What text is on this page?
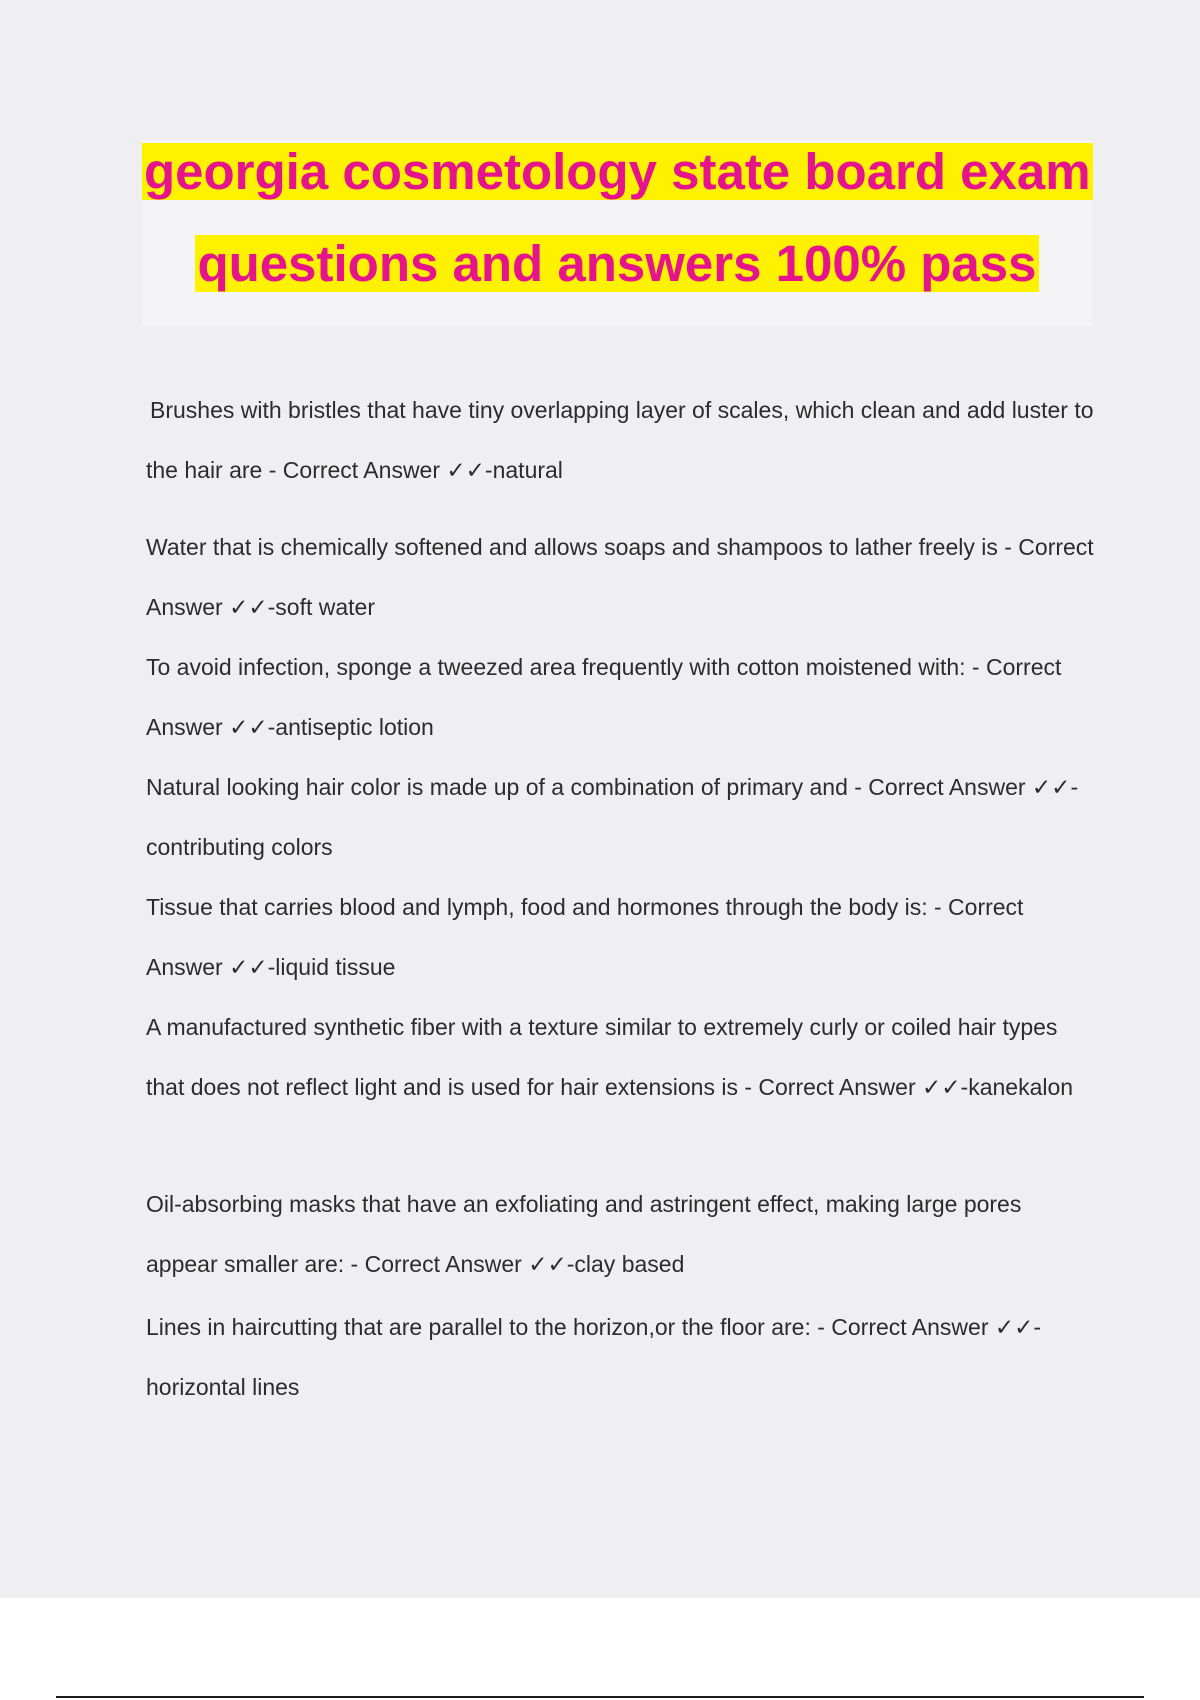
georgia cosmetology state board exam
questions and answers 100% pass

Brushes with bristles that have tiny overlapping layer of scales, which clean and add luster to the hair are - Correct Answer ✓✓-natural

Water that is chemically softened and allows soaps and shampoos to lather freely is - Correct Answer ✓✓-soft water

To avoid infection, sponge a tweezed area frequently with cotton moistened with: - Correct Answer ✓✓-antiseptic lotion

Natural looking hair color is made up of a combination of primary and - Correct Answer ✓✓-contributing colors

Tissue that carries blood and lymph, food and hormones through the body is: - Correct Answer ✓✓-liquid tissue

A manufactured synthetic fiber with a texture similar to extremely curly or coiled hair types that does not reflect light and is used for hair extensions is - Correct Answer ✓✓-kanekalon

Oil-absorbing masks that have an exfoliating and astringent effect, making large pores appear smaller are: - Correct Answer ✓✓-clay based

Lines in haircutting that are parallel to the horizon,or the floor are: - Correct Answer ✓✓-horizontal lines
